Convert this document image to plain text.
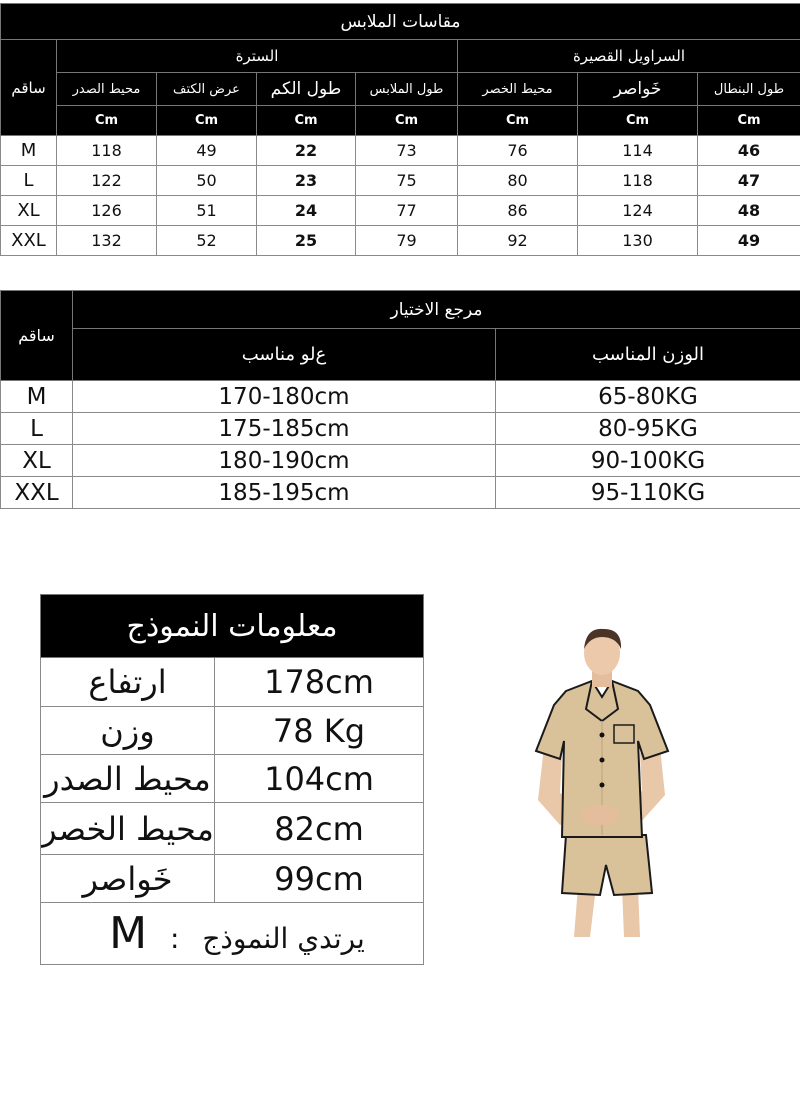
مقاسات الملابس							
ساقم	السترة				السراويل القصيرة		
	محيط الصدر	عرض الكتف	طول الكم	طول الملابس	محيط الخصر	خَواصر	طول البنطال
	Cm	Cm	Cm	Cm	Cm	Cm	Cm
M	118	49	22	73	76	114	46
L	122	50	23	75	80	118	47
XL	126	51	24	77	86	124	48
XXL	132	52	25	79	92	130	49
ساقم	مرجع الاختيار	
	ع‌لو مناسب	الوزن المناسب
M	170-180cm	65-80KG
L	175-185cm	80-95KG
XL	180-190cm	90-100KG
XXL	185-195cm	95-110KG
معلومات النموذج	
ارتفاع	178cm
وزن	78 Kg
محيط الصدر	104cm
محيط الخصر	82cm
خَواصر	99cm
M : يرتدي النموذج	
